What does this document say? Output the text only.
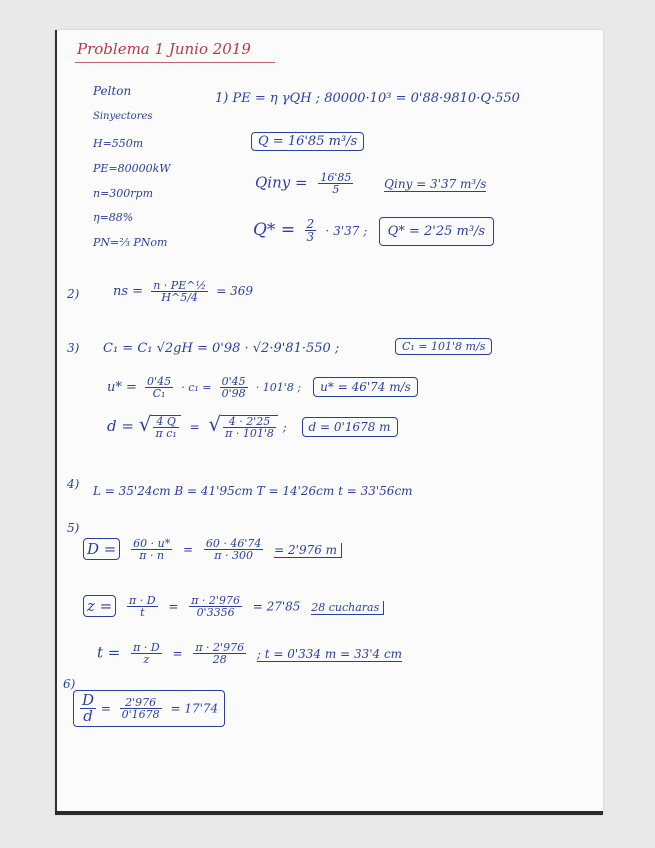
Problema 1 Junio 2019
Pelton
Sinyectores
H=550m
PE=80000kW
n=300rpm
η=88%
PN=⅔ PNom
1) PE = η γQH ; 80000·10³ = 0'88·9810·Q·550
Q = 16'85 m³/s
Qiny = $\frac{16'85}{5}$	Qiny = 3'37 m³/s
$Q* = \frac{2}{3} \cdot 3'37$ ; Q* = 2'25 m³/s
2)	ns = $\frac{\text{n · PE\textasciicircum{}½}}{H\^{}5/4} = 369$
3) C₁ = C₁ √2gH = 0'98 · √2·9'81·550 ;	C₁ = 101'8 m/s
$u* = \frac{0'45}{\text{C₁}} \cdot c_1 = \frac{0'45}{0'98} \cdot 101'8$ ; u* = 46'74 m/s
d = √ $\frac{4 Q}{\text{π c₁}}$ = √ $\frac{4 \cdot 2'25}{\pi \cdot 101'8}$ ; d = 0'1678 m
4) L = 35'24cm B = 41'95cm T = 14'26cm t = 33'56cm
5)
$D = \frac{60 \cdot u*}{\pi \cdot n} = \frac{60 \cdot 46'74}{\pi \cdot 300} = 2'976$ m
$z = \frac{\pi \cdot D}{t} = \frac{\pi \cdot 2'976}{0'3356} = 27'85$ 28 cucharas
$t = \frac{\pi \cdot D}{z} = \frac{\pi \cdot 2'976}{28}$ ; t = 0'334 m = 33'4 cm
6)
$\frac{D}{d} = \frac{2'976}{0'1678} = 17'74$
